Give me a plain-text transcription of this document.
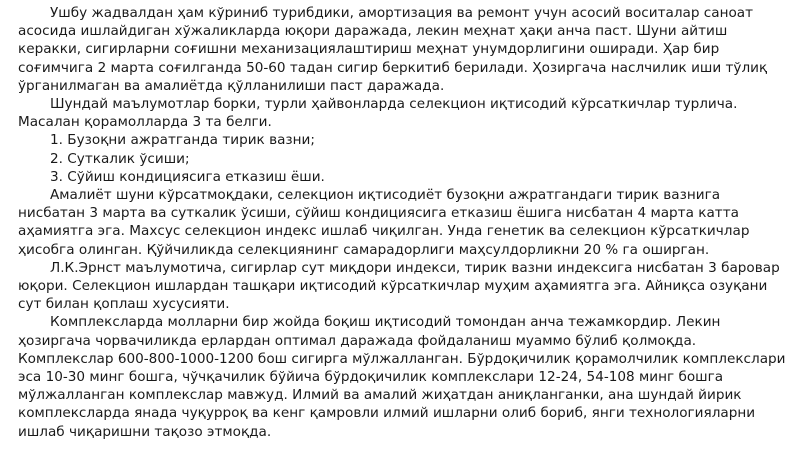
Ушбу жадвалдан ҳам кўриниб турибдики, амортизация ва ремонт учун асосий воситалар саноат асосида ишлайдиган хўжаликларда юқори даражада, лекин меҳнат ҳақи анча паст. Шуни айтиш керакки, сигирларни соғишни механизациялаштириш меҳнат унумдорлигини оширади. Ҳар бир соғимчига 2 марта соғилганда 50-60 тадан сигир беркитиб берилади. Ҳозиргача наслчилик иши тўлиқ ўрганилмаган ва амалиётда қўлланилиши паст даражада.

Шундай маълумотлар борки, турли ҳайвонларда селекцион иқтисодий кўрсаткичлар турлича. Масалан қорамолларда 3 та белги.

1. Бузоқни ажратганда тирик вазни;

2. Суткалик ўсиши;

3. Сўйиш кондициясига етказиш ёши.

Амалиёт шуни кўрсатмоқдаки, селекцион иқтисодиёт бузоқни ажратгандаги тирик вазнига нисбатан 3 марта ва суткалик ўсиши, сўйиш кондициясига етказиш ёшига нисбатан 4 марта катта аҳамиятга эга. Махсус селекцион индекс ишлаб чиқилган. Унда генетик ва селекцион кўрсаткичлар ҳисобга олинган. Қўйчиликда селекциянинг самарадорлиги маҳсулдорликни 20 % га оширган.

Л.К.Эрнст маълумотича, сигирлар сут миқдори индекси, тирик вазни индексига нисбатан 3 баровар юқори. Селекцион ишлардан ташқари иқтисодий кўрсаткичлар муҳим аҳамиятга эга. Айниқса озуқани сут билан қоплаш хусусияти.

Комплексларда молларни бир жойда боқиш иқтисодий томондан анча тежамкордир. Лекин ҳозиргача чорвачиликда ерлардан оптимал даражада фойдаланиш муаммо бўлиб қолмоқда. Комплекслар 600-800-1000-1200 бош сигирга мўлжалланган. Бўрдоқичилик қорамолчилик комплекслари эса 10-30 минг бошга, чўчқачилик бўйича бўрдоқичилик комплекслари 12-24, 54-108 минг бошга мўлжалланган комплекслар мавжуд. Илмий ва амалий жиҳатдан аниқланганки, ана шундай йирик комплексларда янада чуқурроқ ва кенг қамровли илмий ишларни олиб бориб, янги технологияларни ишлаб чиқаришни тақозо этмоқда.
